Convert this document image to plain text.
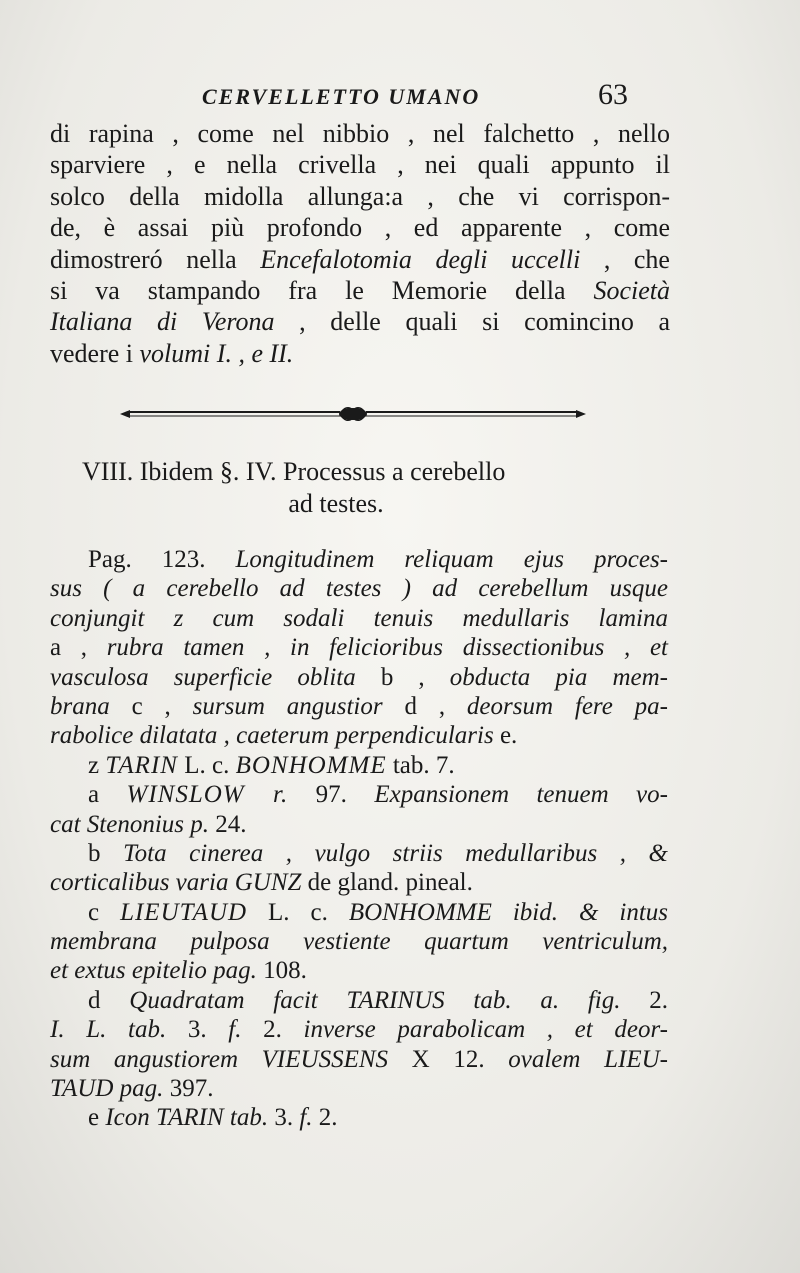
CERVELLETTO UMANO	63
di rapina , come nel nibbio , nel falchetto , nello
sparviere , e nella crivella , nei quali appunto il
solco della midolla allunga:a , che vi corrispon-
de, è assai più profondo , ed apparente , come
dimostreró nella Encefalotomia degli uccelli , che
si va stampando fra le Memorie della Società
Italiana di Verona , delle quali si comincino a
vedere i volumi I. , e II.
VIII. Ibidem §. IV. Processus a cerebello
ad testes.
Pag. 123. Longitudinem reliquam ejus proces-
sus ( a cerebello ad testes ) ad cerebellum usque
conjungit z cum sodali tenuis medullaris lamina
a , rubra tamen , in felicioribus dissectionibus , et
vasculosa superficie oblita b , obducta pia mem-
brana c , sursum angustior d , deorsum fere pa-
rabolice dilatata , caeterum perpendicularis e.
z TARIN L. c. BONHOMME tab. 7.
a WINSLOW r. 97. Expansionem tenuem vo-
cat Stenonius p. 24.
b Tota cinerea , vulgo striis medullaribus , &
corticalibus varia GUNZ de gland. pineal.
c LIEUTAUD L. c. BONHOMME ibid. & intus
membrana pulposa vestiente quartum ventriculum,
et extus epitelio pag. 108.
d Quadratam facit TARINUS tab. a. fig. 2.
I. L. tab. 3. f. 2. inverse parabolicam , et deor-
sum angustiorem VIEUSSENS X 12. ovalem LIEU-
TAUD pag. 397.
e Icon TARIN tab. 3. f. 2.
